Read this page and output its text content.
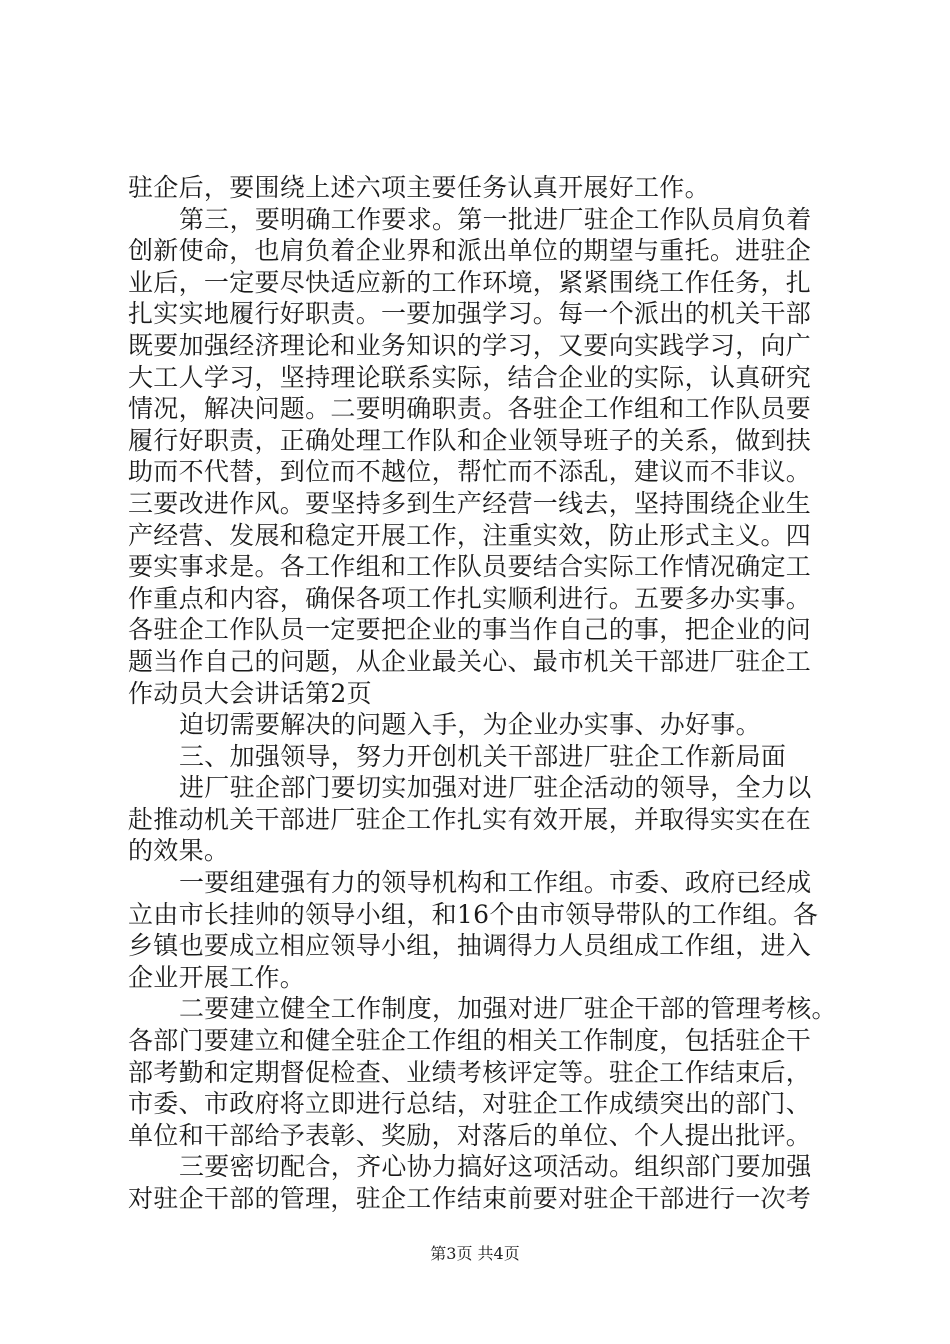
驻企后，要围绕上述六项主要任务认真开展好工作。
第三，要明确工作要求。第一批进厂驻企工作队员肩负着
创新使命，也肩负着企业界和派出单位的期望与重托。进驻企
业后，一定要尽快适应新的工作环境，紧紧围绕工作任务，扎
扎实实地履行好职责。一要加强学习。每一个派出的机关干部
既要加强经济理论和业务知识的学习，又要向实践学习，向广
大工人学习，坚持理论联系实际，结合企业的实际，认真研究
情况，解决问题。二要明确职责。各驻企工作组和工作队员要
履行好职责，正确处理工作队和企业领导班子的关系，做到扶
助而不代替，到位而不越位，帮忙而不添乱，建议而不非议。
三要改进作风。要坚持多到生产经营一线去，坚持围绕企业生
产经营、发展和稳定开展工作，注重实效，防止形式主义。四
要实事求是。各工作组和工作队员要结合实际工作情况确定工
作重点和内容，确保各项工作扎实顺利进行。五要多办实事。
各驻企工作队员一定要把企业的事当作自己的事，把企业的问
题当作自己的问题，从企业最关心、最市机关干部进厂驻企工
作动员大会讲话第2页
迫切需要解决的问题入手，为企业办实事、办好事。
三、加强领导，努力开创机关干部进厂驻企工作新局面
进厂驻企部门要切实加强对进厂驻企活动的领导，全力以
赴推动机关干部进厂驻企工作扎实有效开展，并取得实实在在
的效果。
一要组建强有力的领导机构和工作组。市委、政府已经成
立由市长挂帅的领导小组，和16个由市领导带队的工作组。各
乡镇也要成立相应领导小组，抽调得力人员组成工作组，进入
企业开展工作。
二要建立健全工作制度，加强对进厂驻企干部的管理考核。
各部门要建立和健全驻企工作组的相关工作制度，包括驻企干
部考勤和定期督促检查、业绩考核评定等。驻企工作结束后，
市委、市政府将立即进行总结，对驻企工作成绩突出的部门、
单位和干部给予表彰、奖励，对落后的单位、个人提出批评。
三要密切配合，齐心协力搞好这项活动。组织部门要加强
对驻企干部的管理，驻企工作结束前要对驻企干部进行一次考
第3页 共4页
